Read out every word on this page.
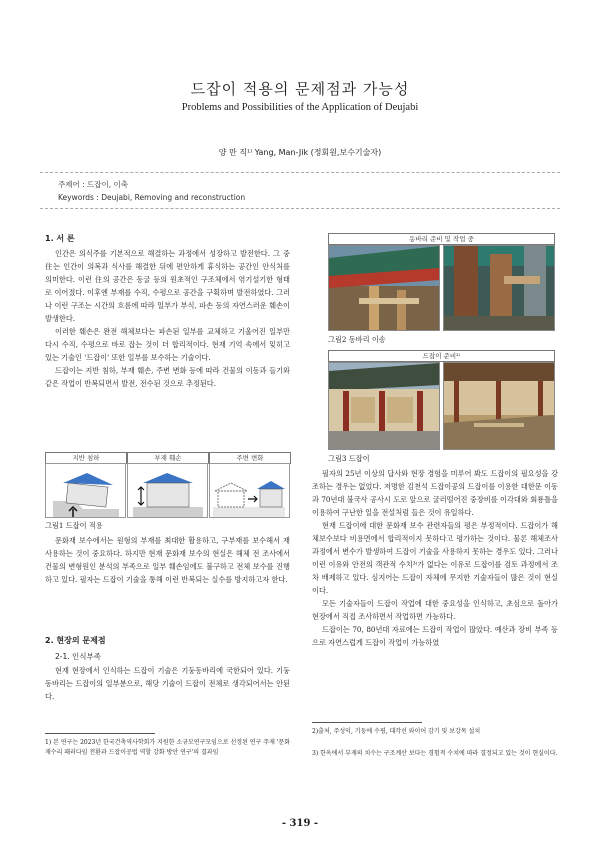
드잡이 적용의 문제점과 가능성
Problems and Possibilities of the Application of Deujabi
양 만 직¹⁾ Yang, Man-Jik (정회원,보수기술자)
주제어 : 드잡이, 이축
Keywords : Deujabi, Removing and reconstruction
1. 서 론

인간은 의식주를 기본적으로 해결하는 과정에서 성장하고 발전한다. 그 중 住는 인간이 의복과 식사를 해결한 뒤에 편안하게 휴식하는 공간인 안식처를 의미한다. 이런 住의 공간은 동굴 등의 원초적인 구조체에서 엮기설기한 형태로 이어졌다. 이후엔 부재를 수직, 수평으로 공간을 구획하며 발전하였다. 그러나 이런 구조는 시간의 흐름에 따라 일부가 부식, 파손 등의 자연스러운 훼손이 발생한다.

이러한 훼손은 완전 해체보다는 파손된 일부를 교체하고 기울어진 일부만 다시 수직, 수평으로 바로 잡는 것이 더 합리적이다. 현재 기억 속에서 잊히고 있는 기술인 '드잡이' 또한 일부를 보수하는 기술이다.

드잡이는 지반 침하, 부재 훼손, 주변 변화 등에 따라 건물의 이동과 들기와 같은 작업이 반복되면서 발전, 전수된 것으로 추정된다.

지반 침하	부재 훼손	주변 변화
그림1 드잡이 적용

문화재 보수에서는 원형의 부재를 최대한 활용하고, 구부재를 보수해서 재사용하는 것이 중요하다. 하지만 현재 문화재 보수의 현실은 해체 전 조사에서 건물의 변형원인 분석의 부족으로 일부 훼손임에도 불구하고 전체 보수를 진행하고 있다. 필자는 드잡이 기술을 통해 이런 반복되는 실수를 방지하고자 한다.

2. 현장의 문제점
2-1. 인식부족

현재 현장에서 인식하는 드잡이 기술은 기둥동바리에 국한되어 있다. 기둥동바리는 드잡이의 일부분으로, 해당 기술이 드잡이 전체로 생각되어서는 안된다.

1) 본 연구는 2023년 한국건축역사학회가 지원한 소규모연구모임으로 선정된 연구 주제 '문화재수리 패러다임 전환과 드잡이공법 역할 강화 방안 연구'의 결과임
동바리 준비 및 작업 중
그림2 동바리 이송
드잡이 준비²⁾
그림3 드잡이

필자의 25년 이상의 답사와 현장 경험을 미루어 봐도 드잡이의 필요성을 강조하는 경우는 없었다. 저명한 김천석 드잡이공의 드잡이를 이용한 대한문 이동과 70년대 불국사 공사시 도로 앞으로 굴러떨어진 중장비를 이각대와 회룡틀을 이용하여 구난한 일을 전설처럼 들은 것이 유일하다.

현재 드잡이에 대한 문화재 보수 관련자들의 평은 부정적이다. 드잡이가 해체보수보다 비용면에서 합리적이지 못하다고 평가하는 것이다. 물론 해체조사 과정에서 변수가 발생하여 드잡이 기술을 사용하지 못하는 경우도 있다. 그러나 이런 이유와 안전의 객관적 수치³⁾가 없다는 이유로 드잡이를 검토 과정에서 조차 배제하고 있다. 심지어는 드잡이 자체에 무지한 기술자들이 많은 것이 현실이다.

모든 기술자들이 드잡이 작업에 대한 중요성을 인식하고, 초심으로 돌아가 현장에서 직접 조사하면서 작업하면 가능하다.

드잡이는 70, 80년대 자료에는 드잡이 작업이 많았다. 예산과 장비 부족 등으로 자연스럽게 드잡이 작업이 가능하였

2)출처, 주성익, 기둥에 수평, 대각선 와이어 감기 및 보강목 설치
3) 한옥에서 부재의 치수는 구조계산 보다는 경험적 수치에 따라 결정되고 있는 것이 현실이다.
- 319 -
